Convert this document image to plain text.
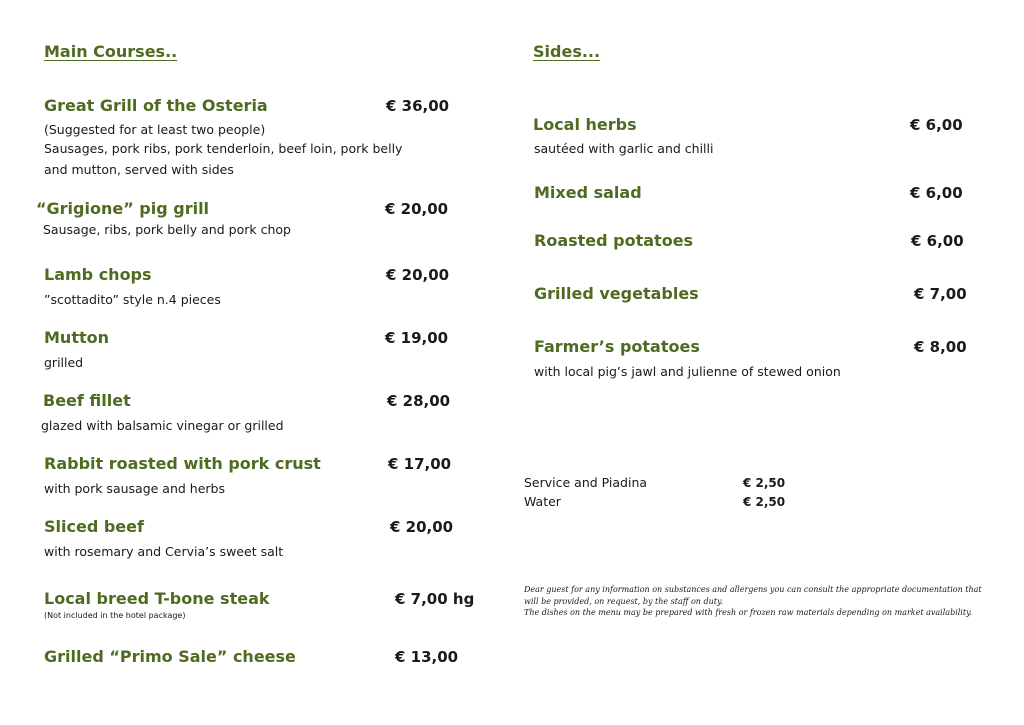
Main Courses..
Great Grill of the Osteria	€ 36,00
(Suggested for at least two people)
Sausages, pork ribs, pork tenderloin, beef loin, pork belly
and mutton, served with sides
“Grigione” pig grill	€ 20,00
Sausage, ribs, pork belly and pork chop
Lamb chops	€ 20,00
”scottadito” style n.4 pieces
Mutton	€ 19,00
grilled
Beef fillet	€ 28,00
glazed with balsamic vinegar or grilled
Rabbit roasted with pork crust	€ 17,00
with pork sausage and herbs
Sliced beef	€ 20,00
with rosemary and Cervia’s sweet salt
Local breed T-bone steak	€ 7,00 hg
(Not included in the hotel package)
Grilled “Primo Sale” cheese	€ 13,00
Sides...
Local herbs	€ 6,00
sautéed with garlic and chilli
Mixed salad	€ 6,00
Roasted potatoes	€ 6,00
Grilled vegetables	€ 7,00
Farmer’s potatoes	€ 8,00
with local pig’s jawl and julienne of stewed onion
Service and Piadina	€ 2,50
Water	€ 2,50
Dear guest for any information on substances and allergens you can consult the appropriate documentation that will be provided, on request, by the staff on duty.
The dishes on the menu may be prepared with fresh or frozen raw materials depending on market availability.
